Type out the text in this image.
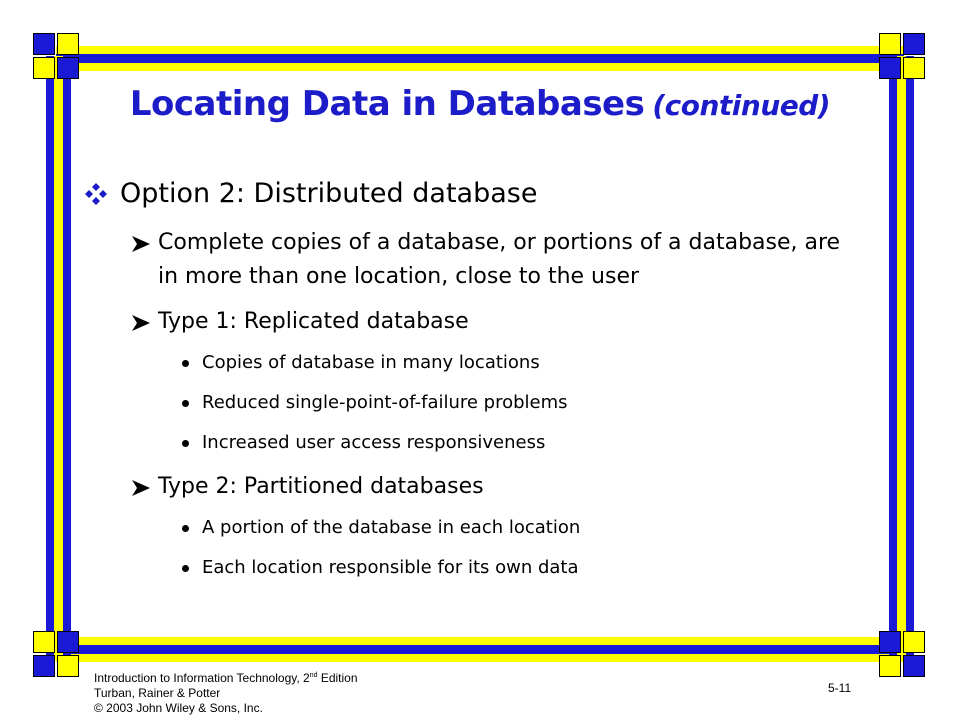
Locating Data in Databases (continued)
Option 2: Distributed database
Complete copies of a database, or portions of a database, are in more than one location, close to the user
Type 1: Replicated database
Copies of database in many locations
Reduced single-point-of-failure problems
Increased user access responsiveness
Type 2: Partitioned databases
A portion of the database in each location
Each location responsible for its own data
Introduction to Information Technology, 2nd Edition
Turban, Rainer & Potter
© 2003 John Wiley & Sons, Inc.
5-11
